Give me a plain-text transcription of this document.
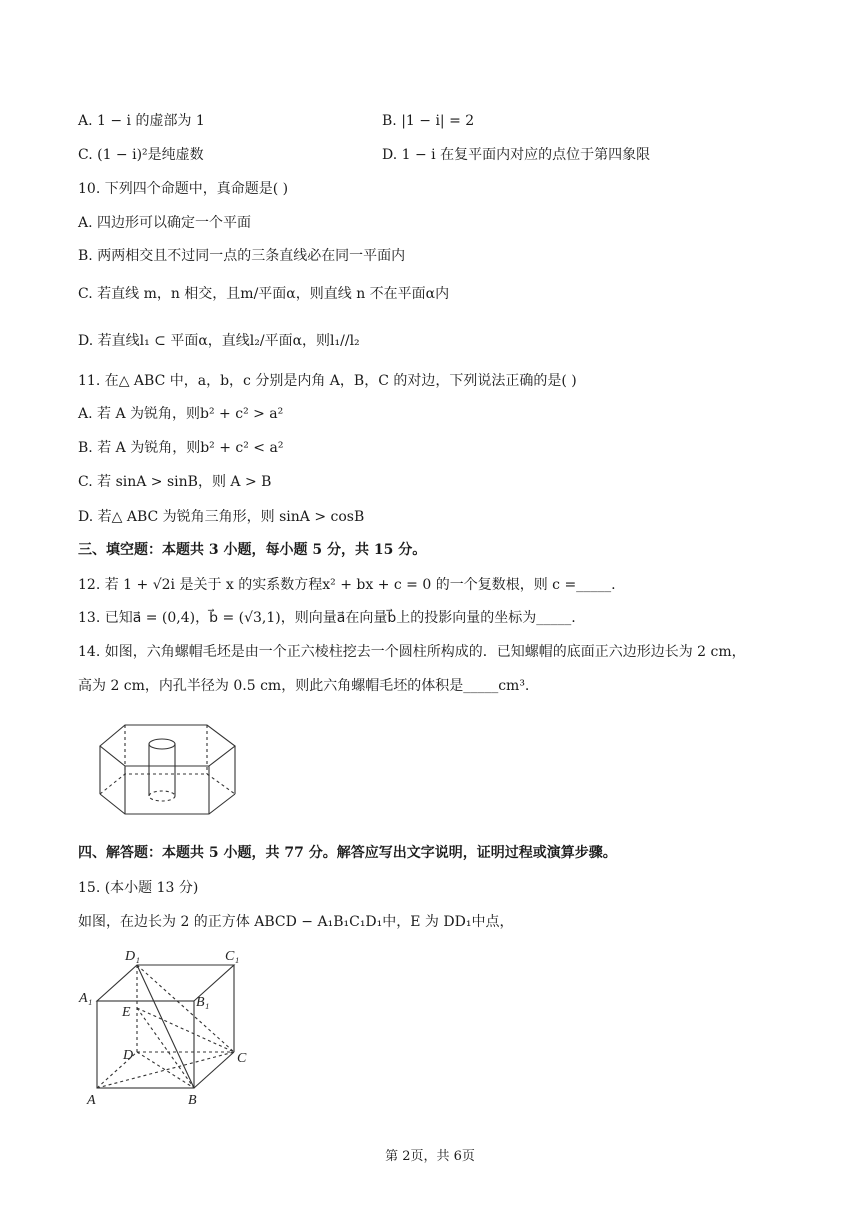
A. 1 − i 的虚部为 1	B. |1 − i| = 2
C. (1 − i)²是纯虚数	D. 1 − i 在复平面内对应的点位于第四象限
10. 下列四个命题中，真命题是( )
A. 四边形可以确定一个平面
B. 两两相交且不过同一点的三条直线必在同一平面内
C. 若直线 m，n 相交，且m/平面α，则直线 n 不在平面α内
D. 若直线l₁ ⊂ 平面α，直线l₂/平面α，则l₁//l₂
11. 在△ ABC 中，a，b，c 分别是内角 A，B，C 的对边，下列说法正确的是( )
A. 若 A 为锐角，则b² + c² > a²
B. 若 A 为锐角，则b² + c² < a²
C. 若 sinA > sinB，则 A > B
D. 若△ ABC 为锐角三角形，则 sinA > cosB
三、填空题：本题共 3 小题，每小题 5 分，共 15 分。
12. 若 1 + √2i 是关于 x 的实系数方程x² + bx + c = 0 的一个复数根，则 c =_____.
13. 已知a⃗ = (0,4)，b⃗ = (√3,1)，则向量a⃗在向量b⃗上的投影向量的坐标为_____.
14. 如图，六角螺帽毛坯是由一个正六棱柱挖去一个圆柱所构成的．已知螺帽的底面正六边形边长为 2 cm，
高为 2 cm，内孔半径为 0.5 cm，则此六角螺帽毛坯的体积是_____cm³.
四、解答题：本题共 5 小题，共 77 分。解答应写出文字说明，证明过程或演算步骤。
15. (本小题 13 分)
如图，在边长为 2 的正方体 ABCD − A₁B₁C₁D₁中，E 为 DD₁中点，
D₁	C₁
A₁	B₁
E
D	C
A	B
第 2页，共 6页
